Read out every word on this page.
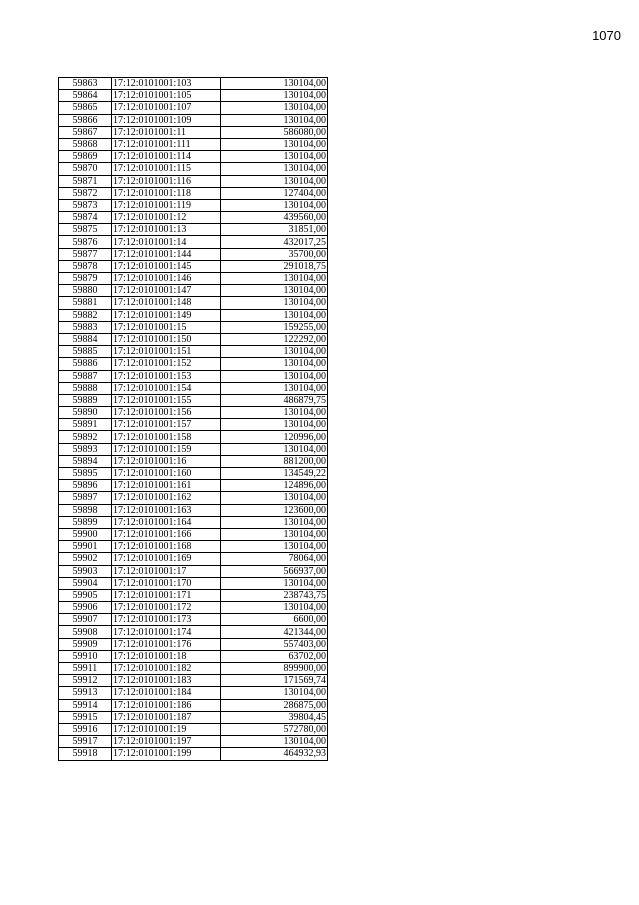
1070
59863	17:12:0101001:103	130104,00
59864	17:12:0101001:105	130104,00
59865	17:12:0101001:107	130104,00
59866	17:12:0101001:109	130104,00
59867	17:12:0101001:11	586080,00
59868	17:12:0101001:111	130104,00
59869	17:12:0101001:114	130104,00
59870	17:12:0101001:115	130104,00
59871	17:12:0101001:116	130104,00
59872	17:12:0101001:118	127404,00
59873	17:12:0101001:119	130104,00
59874	17:12:0101001:12	439560,00
59875	17:12:0101001:13	31851,00
59876	17:12:0101001:14	432017,25
59877	17:12:0101001:144	35700,00
59878	17:12:0101001:145	291018,75
59879	17:12:0101001:146	130104,00
59880	17:12:0101001:147	130104,00
59881	17:12:0101001:148	130104,00
59882	17:12:0101001:149	130104,00
59883	17:12:0101001:15	159255,00
59884	17:12:0101001:150	122292,00
59885	17:12:0101001:151	130104,00
59886	17:12:0101001:152	130104,00
59887	17:12:0101001:153	130104,00
59888	17:12:0101001:154	130104,00
59889	17:12:0101001:155	486879,75
59890	17:12:0101001:156	130104,00
59891	17:12:0101001:157	130104,00
59892	17:12:0101001:158	120996,00
59893	17:12:0101001:159	130104,00
59894	17:12:0101001:16	881200,00
59895	17:12:0101001:160	134549,22
59896	17:12:0101001:161	124896,00
59897	17:12:0101001:162	130104,00
59898	17:12:0101001:163	123600,00
59899	17:12:0101001:164	130104,00
59900	17:12:0101001:166	130104,00
59901	17:12:0101001:168	130104,00
59902	17:12:0101001:169	78064,00
59903	17:12:0101001:17	566937,00
59904	17:12:0101001:170	130104,00
59905	17:12:0101001:171	238743,75
59906	17:12:0101001:172	130104,00
59907	17:12:0101001:173	6600,00
59908	17:12:0101001:174	421344,00
59909	17:12:0101001:176	557403,00
59910	17:12:0101001:18	63702,00
59911	17:12:0101001:182	899900,00
59912	17:12:0101001:183	171569,74
59913	17:12:0101001:184	130104,00
59914	17:12:0101001:186	286875,00
59915	17:12:0101001:187	39804,45
59916	17:12:0101001:19	572780,00
59917	17:12:0101001:197	130104,00
59918	17:12:0101001:199	464932,93
